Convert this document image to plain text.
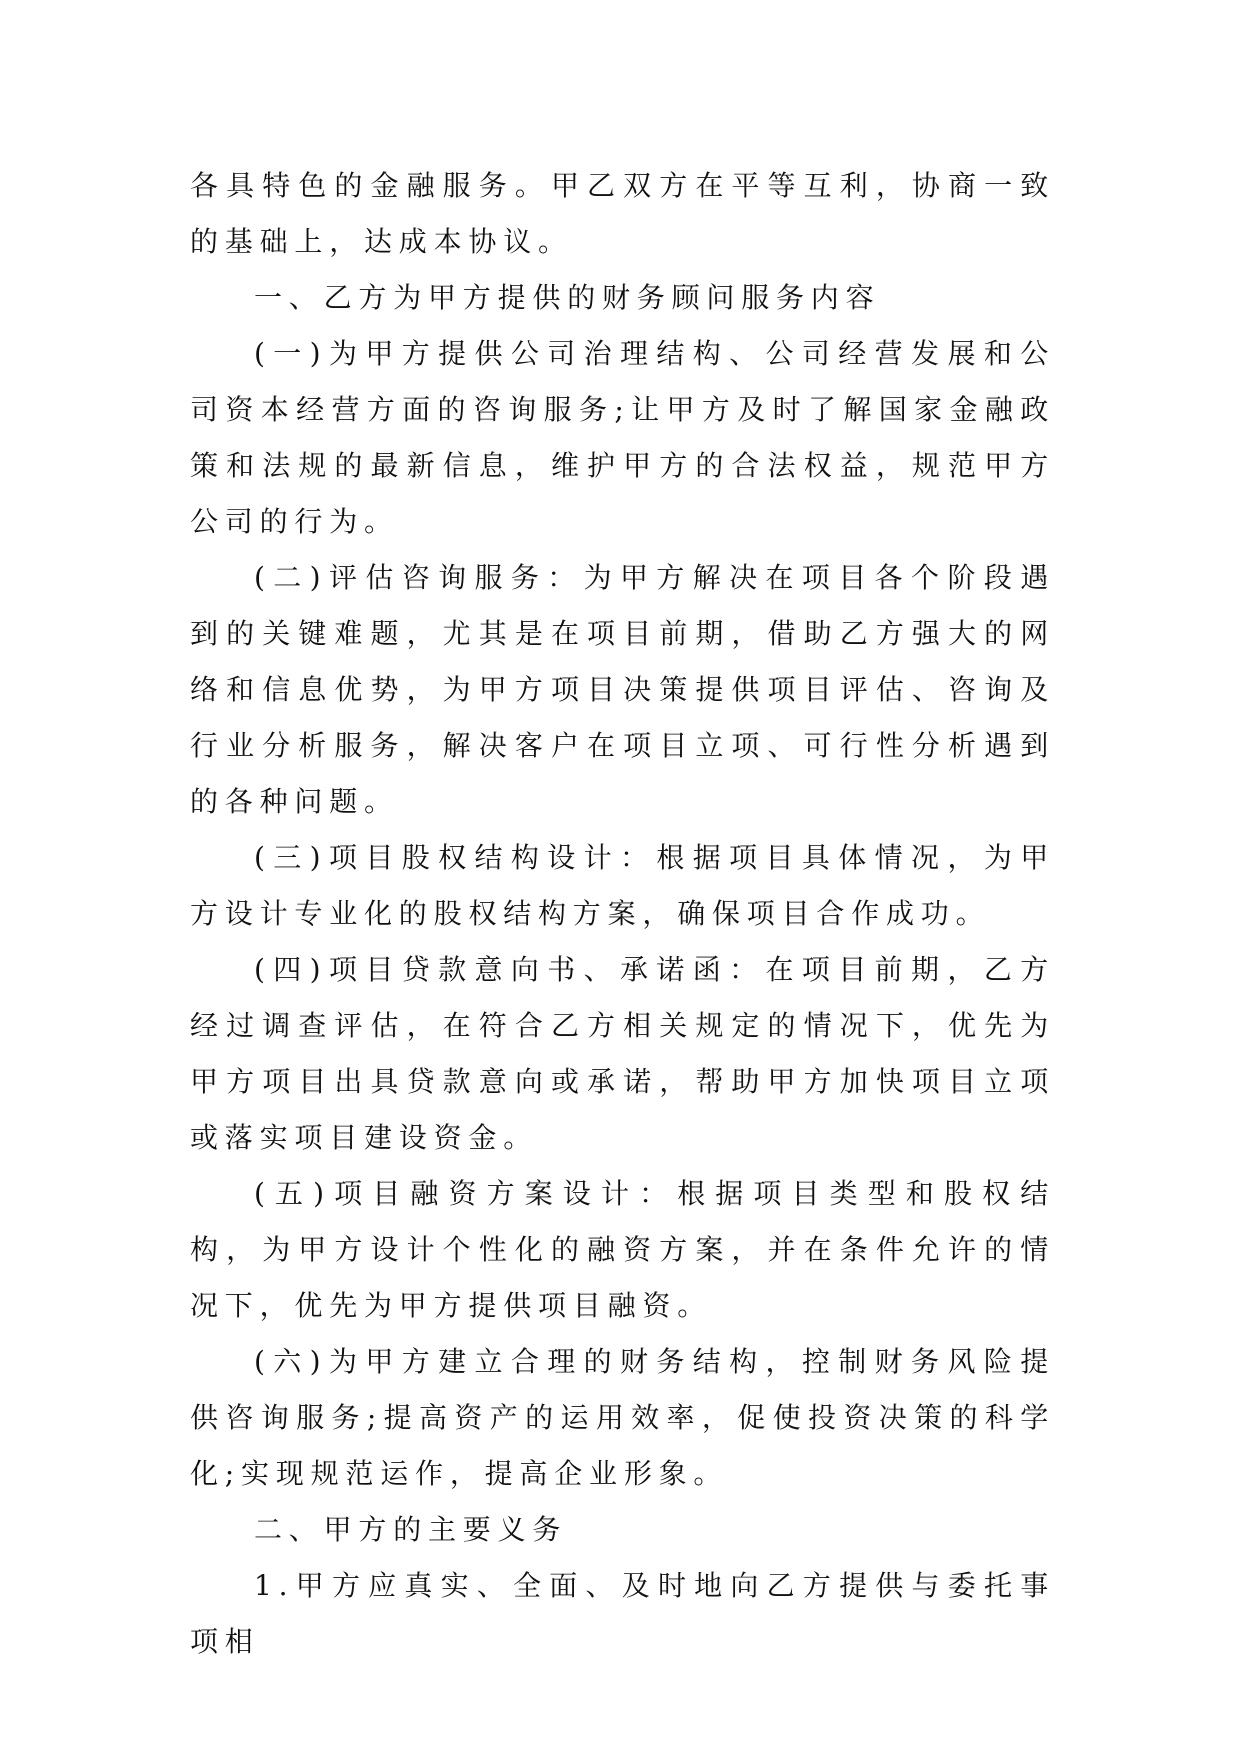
各具特色的金融服务。甲乙双方在平等互利，协商一致的基础上，达成本协议。

一、乙方为甲方提供的财务顾问服务内容

(一)为甲方提供公司治理结构、公司经营发展和公司资本经营方面的咨询服务;让甲方及时了解国家金融政策和法规的最新信息，维护甲方的合法权益，规范甲方公司的行为。

(二)评估咨询服务：为甲方解决在项目各个阶段遇到的关键难题，尤其是在项目前期，借助乙方强大的网络和信息优势，为甲方项目决策提供项目评估、咨询及行业分析服务，解决客户在项目立项、可行性分析遇到的各种问题。

(三)项目股权结构设计：根据项目具体情况，为甲方设计专业化的股权结构方案，确保项目合作成功。

(四)项目贷款意向书、承诺函：在项目前期，乙方经过调查评估，在符合乙方相关规定的情况下，优先为甲方项目出具贷款意向或承诺，帮助甲方加快项目立项或落实项目建设资金。

(五)项目融资方案设计：根据项目类型和股权结构，为甲方设计个性化的融资方案，并在条件允许的情况下，优先为甲方提供项目融资。

(六)为甲方建立合理的财务结构，控制财务风险提供咨询服务;提高资产的运用效率，促使投资决策的科学化;实现规范运作，提高企业形象。

二、甲方的主要义务

1.甲方应真实、全面、及时地向乙方提供与委托事项相
